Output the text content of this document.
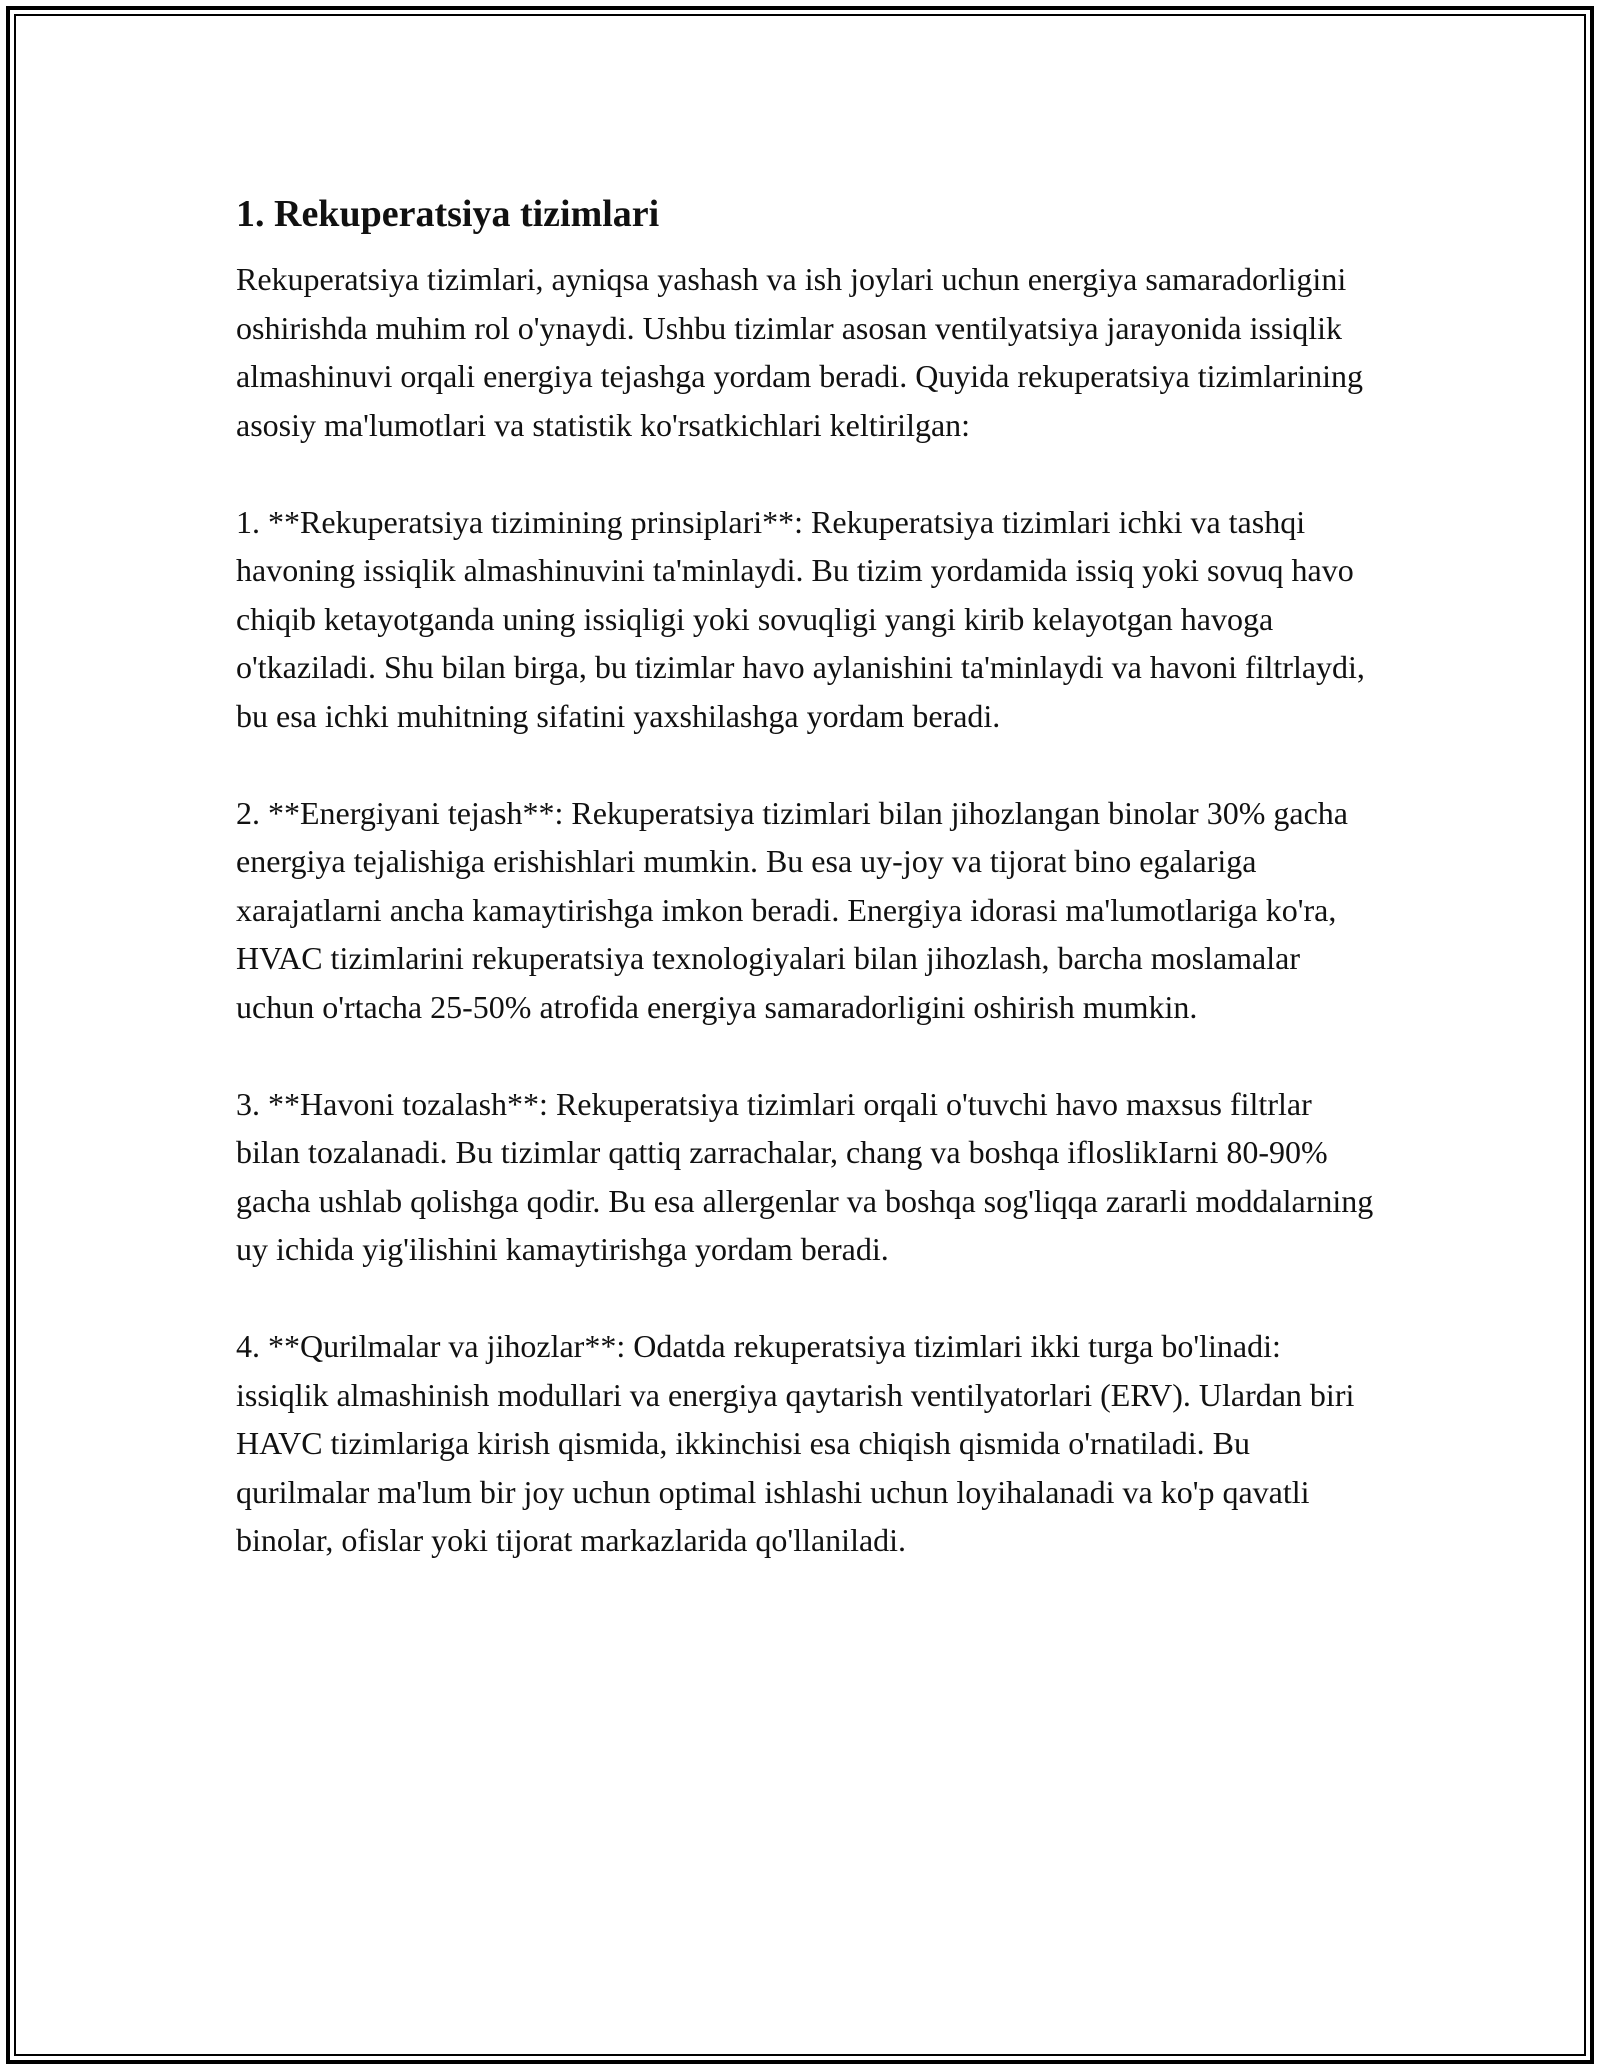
1. Rekuperatsiya tizimlari

Rekuperatsiya tizimlari, ayniqsa yashash va ish joylari uchun energiya samaradorligini oshirishda muhim rol o'ynaydi. Ushbu tizimlar asosan ventilyatsiya jarayonida issiqlik almashinuvi orqali energiya tejashga yordam beradi. Quyida rekuperatsiya tizimlarining asosiy ma'lumotlari va statistik ko'rsatkichlari keltirilgan:

1. **Rekuperatsiya tizimining prinsiplari**: Rekuperatsiya tizimlari ichki va tashqi havoning issiqlik almashinuvini ta'minlaydi. Bu tizim yordamida issiq yoki sovuq havo chiqib ketayotganda uning issiqligi yoki sovuqligi yangi kirib kelayotgan havoga o'tkaziladi. Shu bilan birga, bu tizimlar havo aylanishini ta'minlaydi va havoni filtrlaydi, bu esa ichki muhitning sifatini yaxshilashga yordam beradi.

2. **Energiyani tejash**: Rekuperatsiya tizimlari bilan jihozlangan binolar 30% gacha energiya tejalishiga erishishlari mumkin. Bu esa uy-joy va tijorat bino egalariga xarajatlarni ancha kamaytirishga imkon beradi. Energiya idorasi ma'lumotlariga ko'ra, HVAC tizimlarini rekuperatsiya texnologiyalari bilan jihozlash, barcha moslamalar uchun o'rtacha 25-50% atrofida energiya samaradorligini oshirish mumkin.

3. **Havoni tozalash**: Rekuperatsiya tizimlari orqali o'tuvchi havo maxsus filtrlar bilan tozalanadi. Bu tizimlar qattiq zarrachalar, chang va boshqa ifloslikIarni 80-90% gacha ushlab qolishga qodir. Bu esa allergenlar va boshqa sog'liqqa zararli moddalarning uy ichida yig'ilishini kamaytirishga yordam beradi.

4. **Qurilmalar va jihozlar**: Odatda rekuperatsiya tizimlari ikki turga bo'linadi: issiqlik almashinish modullari va energiya qaytarish ventilyatorlari (ERV). Ulardan biri HAVC tizimlariga kirish qismida, ikkinchisi esa chiqish qismida o'rnatiladi. Bu qurilmalar ma'lum bir joy uchun optimal ishlashi uchun loyihalanadi va ko'p qavatli binolar, ofislar yoki tijorat markazlarida qo'llaniladi.
